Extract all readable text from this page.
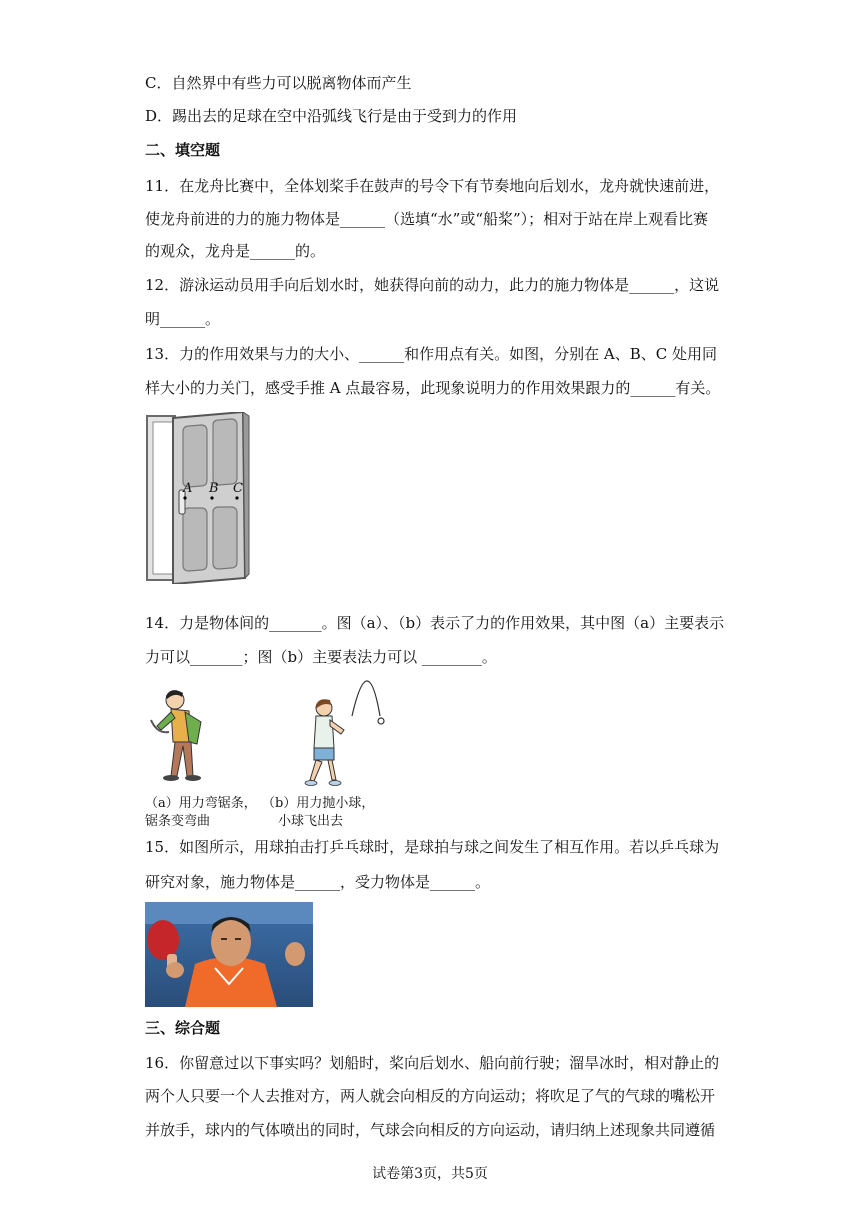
C．自然界中有些力可以脱离物体而产生
D．踢出去的足球在空中沿弧线飞行是由于受到力的作用
二、填空题
11．在龙舟比赛中，全体划桨手在鼓声的号令下有节奏地向后划水，龙舟就快速前进，
使龙舟前进的力的施力物体是______（选填“水”或“船桨”）；相对于站在岸上观看比赛
的观众，龙舟是______的。
12．游泳运动员用手向后划水时，她获得向前的动力，此力的施力物体是______，这说
明______。
13．力的作用效果与力的大小、______和作用点有关。如图，分别在 A、B、C 处用同
样大小的力关门，感受手推 A 点最容易，此现象说明力的作用效果跟力的______有关。
A B C
14．力是物体间的_______。图（a）、（b）表示了力的作用效果，其中图（a）主要表示
力可以_______；图（b）主要表法力可以 ________。
（a）用力弯锯条，
锯条变弯曲
（b）用力抛小球，
小球飞出去
15．如图所示，用球拍击打乒乓球时，是球拍与球之间发生了相互作用。若以乒乓球为
研究对象，施力物体是______，受力物体是______。
三、综合题
16．你留意过以下事实吗？划船时，桨向后划水、船向前行驶；溜旱冰时，相对静止的
两个人只要一个人去推对方，两人就会向相反的方向运动；将吹足了气的气球的嘴松开
并放手，球内的气体喷出的同时，气球会向相反的方向运动，请归纳上述现象共同遵循
试卷第3页，共5页
